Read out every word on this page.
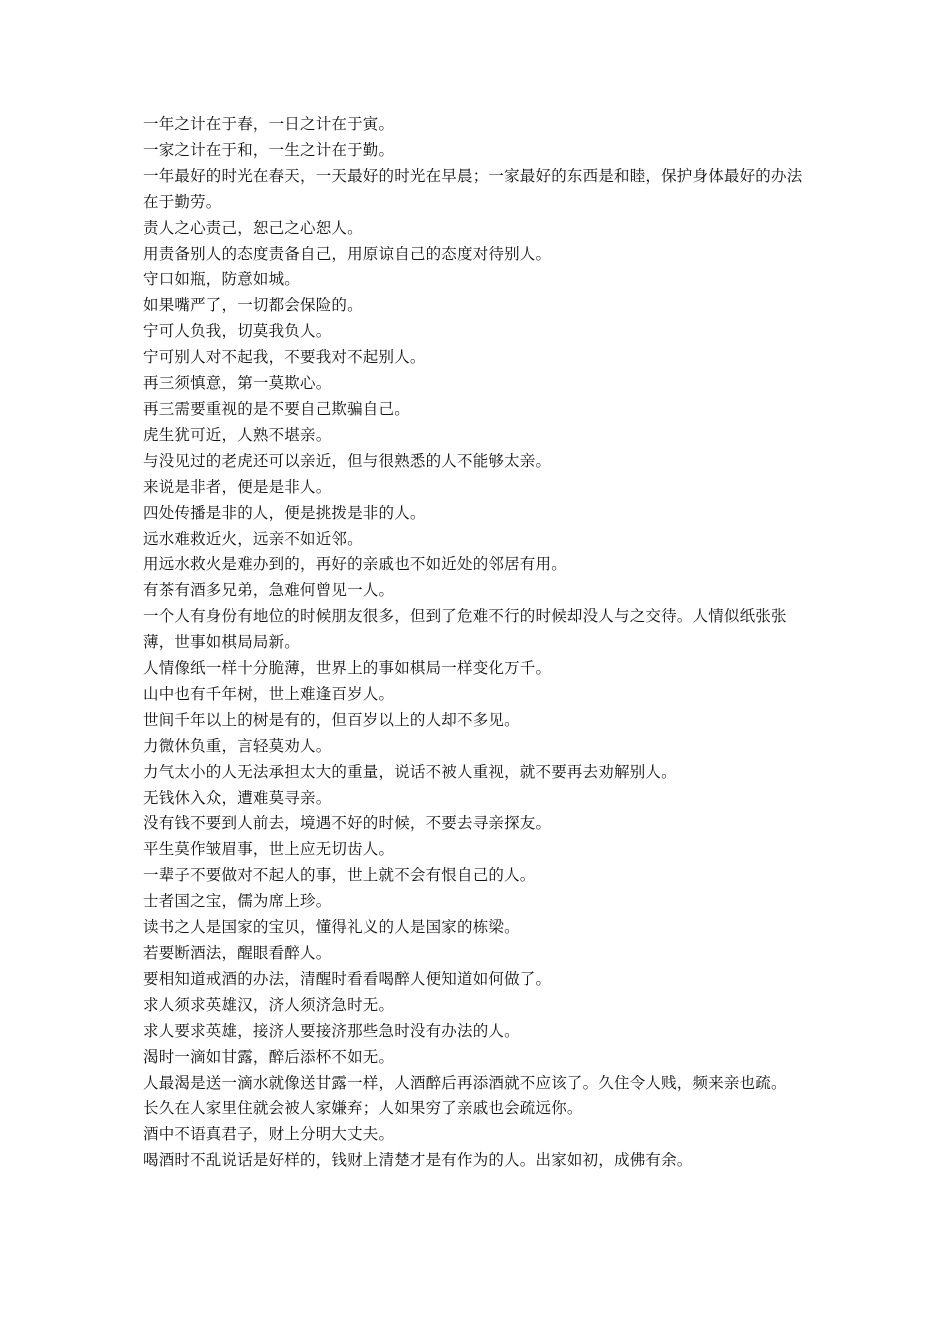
一年之计在于春，一日之计在于寅。

一家之计在于和，一生之计在于勤。

一年最好的时光在春天，一天最好的时光在早晨；一家最好的东西是和睦，保护身体最好的办法在于勤劳。

责人之心责己，恕己之心恕人。

用责备别人的态度责备自己，用原谅自己的态度对待别人。

守口如瓶，防意如城。

如果嘴严了，一切都会保险的。

宁可人负我，切莫我负人。

宁可别人对不起我，不要我对不起别人。

再三须慎意，第一莫欺心。

再三需要重视的是不要自己欺骗自己。

虎生犹可近，人熟不堪亲。

与没见过的老虎还可以亲近，但与很熟悉的人不能够太亲。

来说是非者，便是是非人。

四处传播是非的人，便是挑拨是非的人。

远水难救近火，远亲不如近邻。

用远水救火是难办到的，再好的亲戚也不如近处的邻居有用。

有茶有酒多兄弟，急难何曾见一人。

一个人有身份有地位的时候朋友很多，但到了危难不行的时候却没人与之交待。人情似纸张张薄，世事如棋局局新。

人情像纸一样十分脆薄，世界上的事如棋局一样变化万千。

山中也有千年树，世上难逢百岁人。

世间千年以上的树是有的，但百岁以上的人却不多见。

力微休负重，言轻莫劝人。

力气太小的人无法承担太大的重量，说话不被人重视，就不要再去劝解别人。

无钱休入众，遭难莫寻亲。

没有钱不要到人前去，境遇不好的时候，不要去寻亲探友。

平生莫作皱眉事，世上应无切齿人。

一辈子不要做对不起人的事，世上就不会有恨自己的人。

士者国之宝，儒为席上珍。

读书之人是国家的宝贝，懂得礼义的人是国家的栋梁。

若要断酒法，醒眼看醉人。

要相知道戒酒的办法，清醒时看看喝醉人便知道如何做了。

求人须求英雄汉，济人须济急时无。

求人要求英雄，接济人要接济那些急时没有办法的人。

渴时一滴如甘露，醉后添杯不如无。

人最渴是送一滴水就像送甘露一样，人酒醉后再添酒就不应该了。久住令人贱，频来亲也疏。

长久在人家里住就会被人家嫌弃；人如果穷了亲戚也会疏远你。

酒中不语真君子，财上分明大丈夫。

喝酒时不乱说话是好样的，钱财上清楚才是有作为的人。出家如初，成佛有余。
